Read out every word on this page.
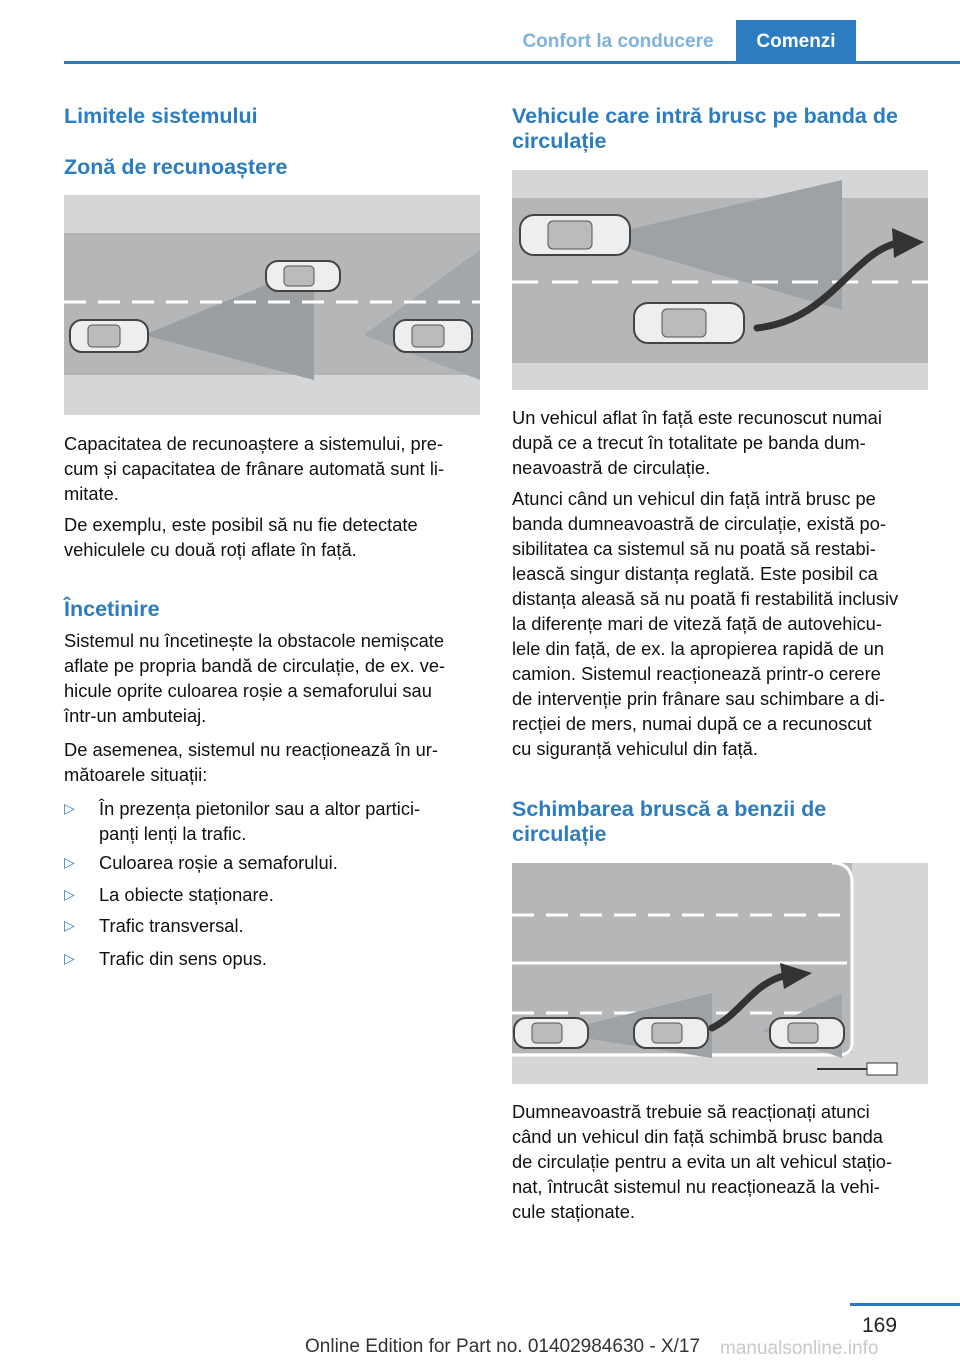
Confort la conducere	Comenzi
Limitele sistemului
Zonă de recunoaștere
Capacitatea de recunoaștere a sistemului, pre-
cum și capacitatea de frânare automată sunt li-
mitate.
De exemplu, este posibil să nu fie detectate
vehiculele cu două roți aflate în față.
Încetinire
Sistemul nu încetinește la obstacole nemișcate
aflate pe propria bandă de circulație, de ex. ve-
hicule oprite culoarea roșie a semaforului sau
într-un ambuteiaj.
De asemenea, sistemul nu reacționează în ur-
mătoarele situații:
▷ În prezența pietonilor sau a altor partici-
panți lenți la trafic.
▷ Culoarea roșie a semaforului.
▷ La obiecte staționare.
▷ Trafic transversal.
▷ Trafic din sens opus.
Vehicule care intră brusc pe banda de
circulație
Un vehicul aflat în față este recunoscut numai
după ce a trecut în totalitate pe banda dum-
neavoastră de circulație.
Atunci când un vehicul din față intră brusc pe
banda dumneavoastră de circulație, există po-
sibilitatea ca sistemul să nu poată să restabi-
lească singur distanța reglată. Este posibil ca
distanța aleasă să nu poată fi restabilită inclusiv
la diferențe mari de viteză față de autovehicu-
lele din față, de ex. la apropierea rapidă de un
camion. Sistemul reacționează printr-o cerere
de intervenție prin frânare sau schimbare a di-
recției de mers, numai după ce a recunoscut
cu siguranță vehiculul din față.
Schimbarea bruscă a benzii de
circulație
Dumneavoastră trebuie să reacționați atunci
când un vehicul din față schimbă brusc banda
de circulație pentru a evita un alt vehicul stațio-
nat, întrucât sistemul nu reacționează la vehi-
cule staționate.
169
Online Edition for Part no. 01402984630 - X/17 manualsonline.info
